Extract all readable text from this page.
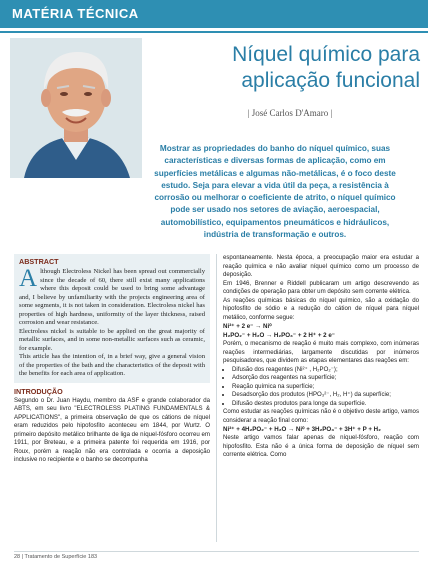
MATÉRIA TÉCNICA
Níquel químico para
aplicação funcional
| José Carlos D'Amaro |
Mostrar as propriedades do banho do níquel químico, suas características e diversas formas de aplicação, como em superfícies metálicas e algumas não-metálicas, é o foco deste estudo. Seja para elevar a vida útil da peça, a resistência à corrosão ou melhorar o coeficiente de atrito, o níquel químico pode ser usado nos setores de aviação, aeroespacial, automobilístico, equipamentos pneumáticos e hidráulicos, indústria de transformação e outros.
ABSTRACT

Although Electroless Nickel has been spread out commercially since the decade of 60, there still exist many applications where this deposit could be used to bring some advantage and, I believe by unfamiliarity with the projects engineering area of some segments, it is not taken in consideration. Electroless nickel has properties of high hardness, uniformity of the layer thickness, raised corrosion and wear resistance.

Electroless nickel is suitable to be applied on the great majority of metallic surfaces, and in some non-metallic surfaces such as ceramic, for example.

This article has the intention of, in a brief way, give a general vision of the properties of the bath and the characteristics of the deposit with the benefits for each area of application.

INTRODUÇÃO

Segundo o Dr. Juan Haydu, membro da ASF e grande colaborador da ABTS, em seu livro "ELECTROLESS PLATING FUNDAMENTALS & APPLICATIONS", a primeira observação de que os cátions de níquel eram reduzidos pelo hipofosfito aconteceu em 1844, por Wurtz. O primeiro depósito metálico brilhante de liga de níquel-fósforo ocorreu em 1911, por Breteau, e a primeira patente foi requerida em 1916, por Roux, porém a reação não era controlada e ocorria a deposição inclusive no recipiente e o banho se decompunha

espontaneamente. Nesta época, a preocupação maior era estudar a reação química e não avaliar níquel químico como um processo de deposição.

Em 1946, Brenner e Riddell publicaram um artigo descrevendo as condições de operação para obter um depósito sem corrente elétrica.

As reações químicas básicas do níquel químico, são a oxidação do hipofosfito de sódio e a redução do cátion de níquel para níquel metálico, conforme segue:

Ni²⁺ + 2 e⁻ → Ni⁰

H₂PO₂⁻ + H₂O → H₂PO₃⁻ + 2 H⁺ + 2 e⁻

Porém, o mecanismo de reação é muito mais complexo, com inúmeras reações intermediárias, largamente discutidas por inúmeros pesquisadores, que dividem as etapas elementares das reações em:

• Difusão dos reagentes (Ni²⁺ , H₂PO₂⁻);
• Adsorção dos reagentes na superfície;
• Reação química na superfície;
• Desadsorção dos produtos (HPO₃²⁻, H₂, H⁺) da superfície;
• Difusão destes produtos para longe da superfície.

Como estudar as reações químicas não é o objetivo deste artigo, vamos considerar a reação final como:

Ni²⁺ + 4H₂PO₂⁻ + H₂O → Ni⁰ + 3H₂PO₃⁻ + 3H⁺ + P + H₂

Neste artigo vamos falar apenas de níquel-fósforo, reação com hipofosfito. Esta não é a única forma de deposição de níquel sem corrente elétrica. Como

28 | Tratamento de Superfície 183
